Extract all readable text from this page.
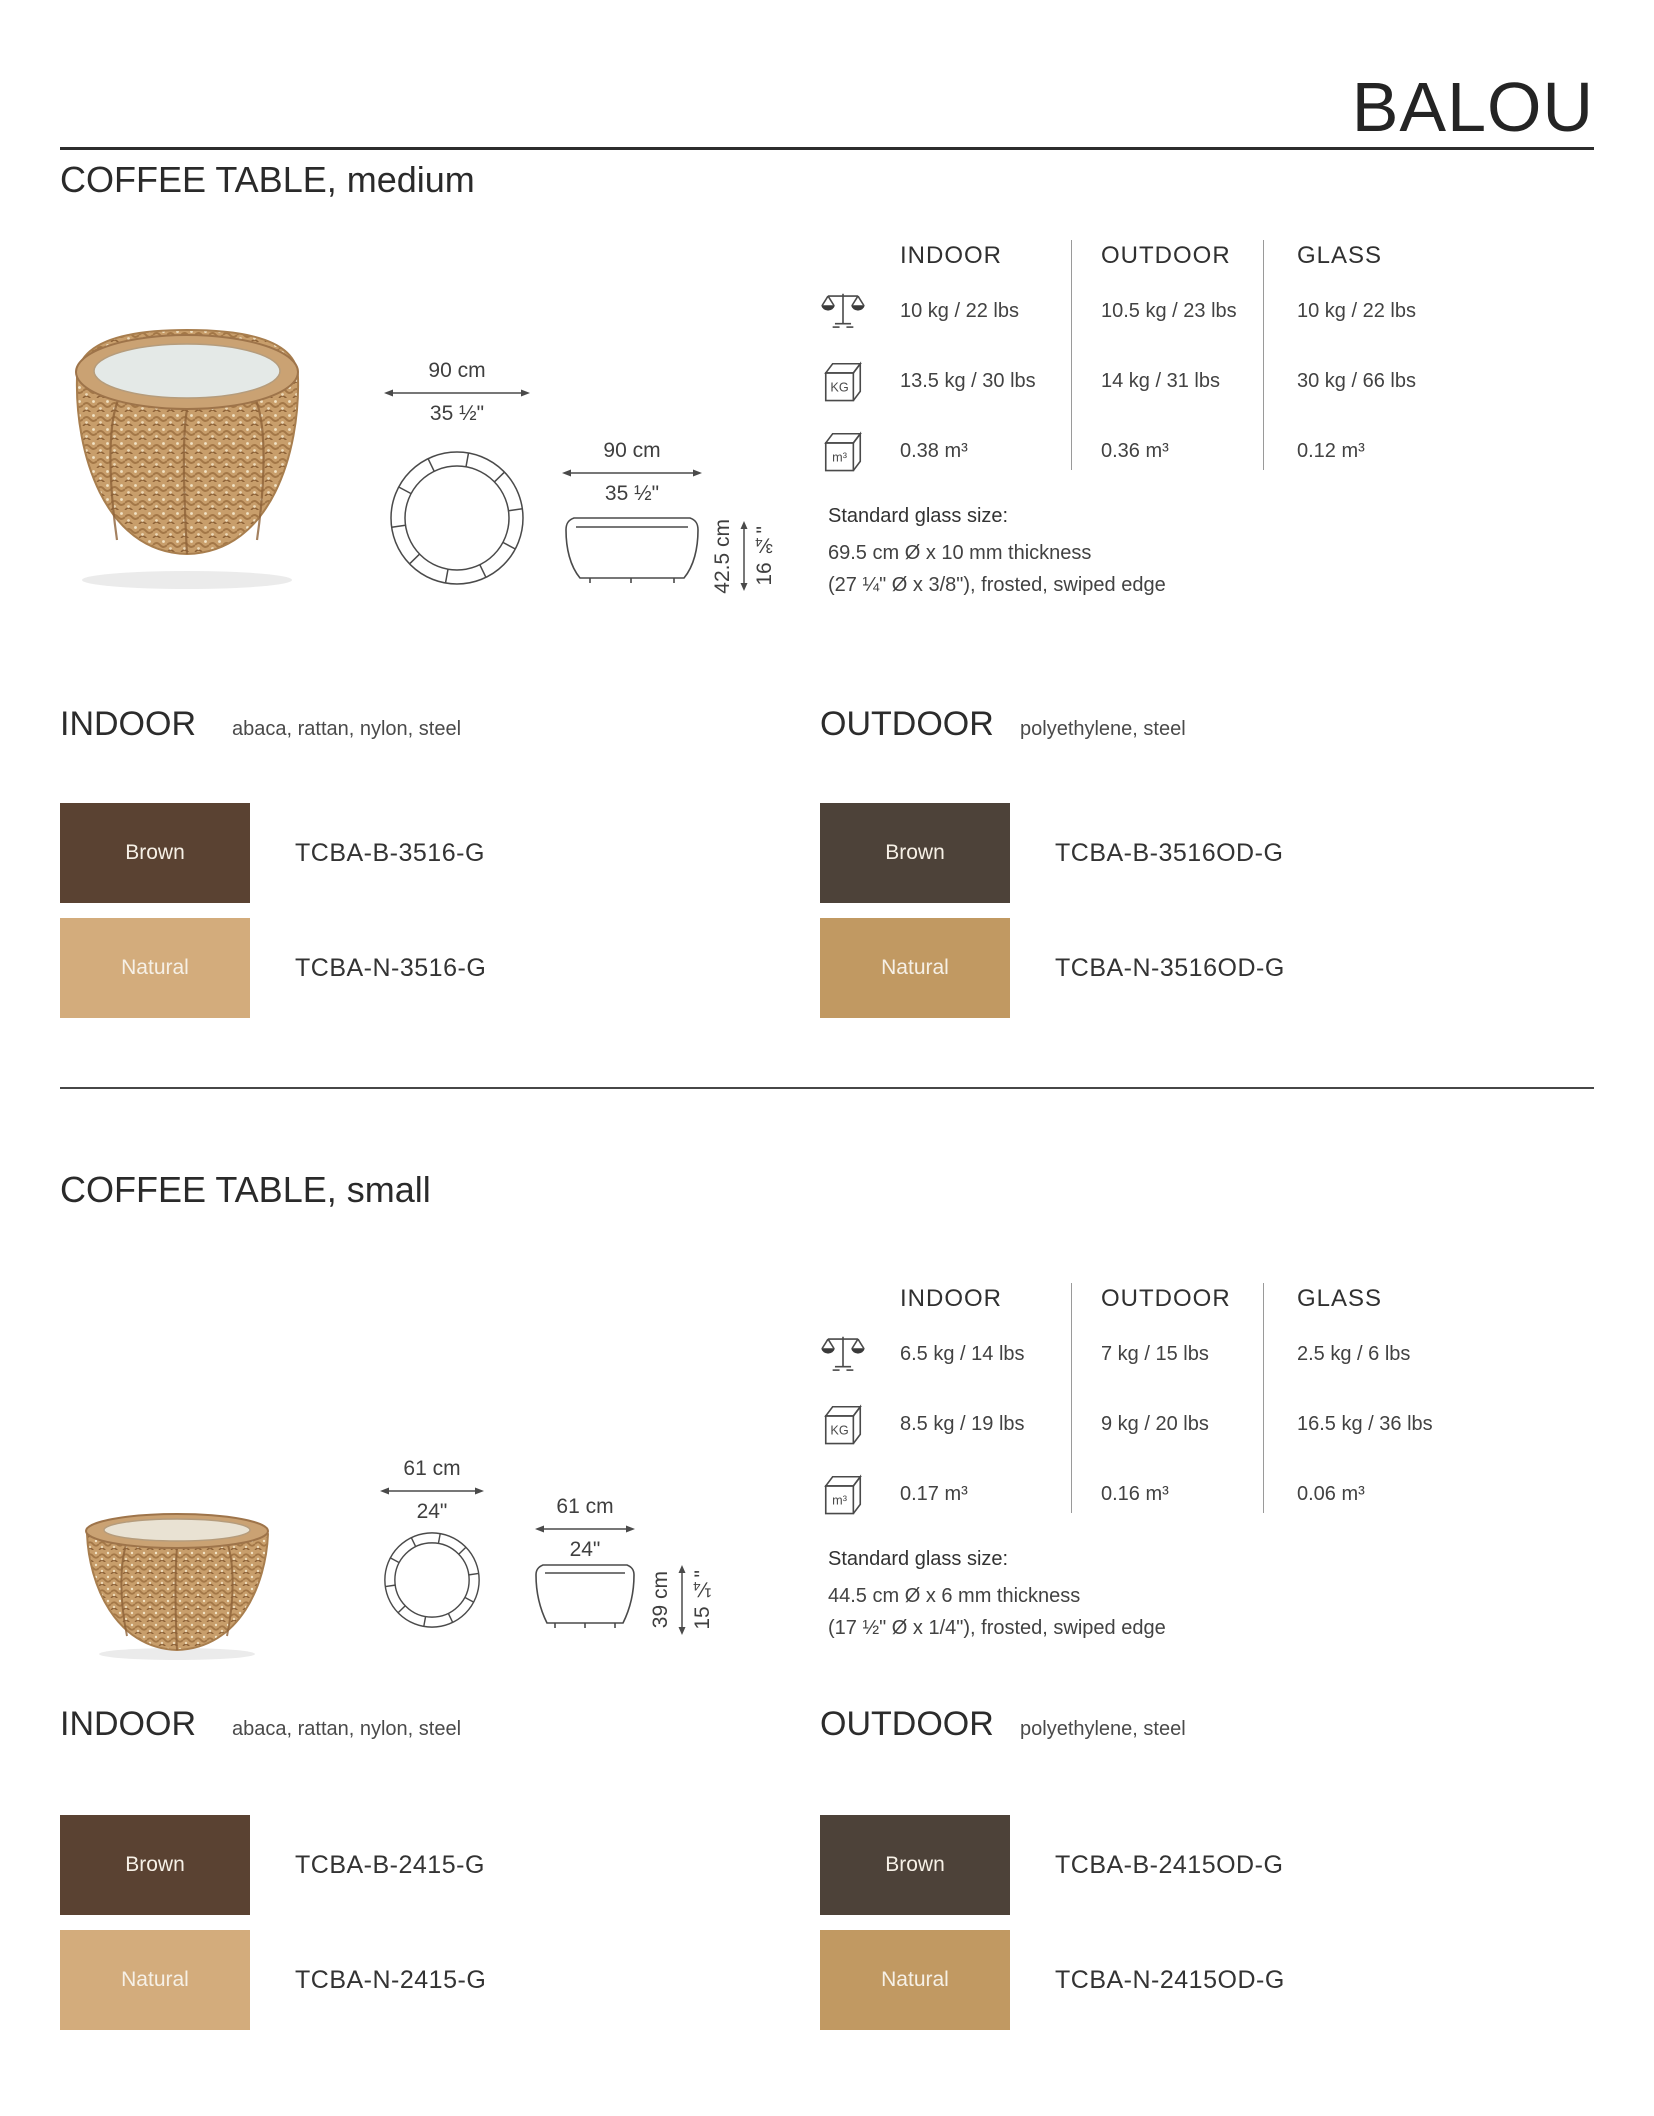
BALOU
COFFEE TABLE, medium
90 cm
35 ½"
90 cm
35 ½"
42.5 cm 16 ¾"
INDOOR	OUTDOOR	GLASS
10 kg / 22 lbs	10.5 kg / 23 lbs	10 kg / 22 lbs
KG	13.5 kg / 30 lbs	14 kg / 31 lbs	30 kg / 66 lbs
m³	0.38 m³	0.36 m³	0.12 m³
Standard glass size:
69.5 cm Ø x 10 mm thickness
(27 ¼" Ø x 3/8"), frosted, swiped edge
INDOOR abaca, rattan, nylon, steel	OUTDOOR polyethylene, steel
Brown	TCBA-B-3516-G
Natural	TCBA-N-3516-G
Brown	TCBA-B-3516OD-G
Natural	TCBA-N-3516OD-G
COFFEE TABLE, small
61 cm
24"	61 cm
24"
39 cm 15 ¼"
INDOOR	OUTDOOR	GLASS
6.5 kg / 14 lbs	7 kg / 15 lbs	2.5 kg / 6 lbs
KG	8.5 kg / 19 lbs	9 kg / 20 lbs	16.5 kg / 36 lbs
m³	0.17 m³	0.16 m³	0.06 m³
Standard glass size:
44.5 cm Ø x 6 mm thickness
(17 ½" Ø x 1/4"), frosted, swiped edge
INDOOR abaca, rattan, nylon, steel	OUTDOOR polyethylene, steel
Brown	TCBA-B-2415-G
Natural	TCBA-N-2415-G
Brown	TCBA-B-2415OD-G
Natural	TCBA-N-2415OD-G
